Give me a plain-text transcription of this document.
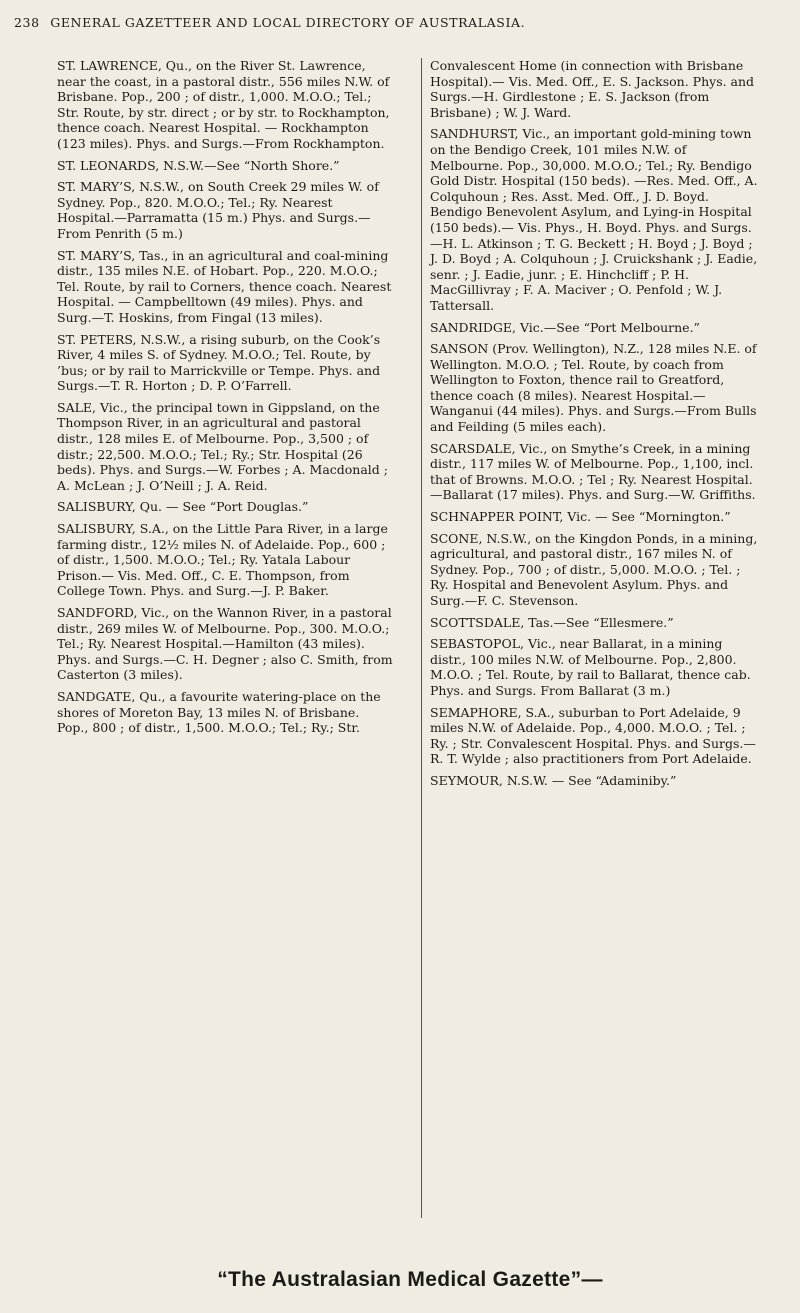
238 GENERAL GAZETTEER AND LOCAL DIRECTORY OF AUSTRALASIA.
ST. LAWRENCE, Qu., on the River St. Lawrence, near the coast, in a pastoral distr., 556 miles N.W. of Brisbane. Pop., 200 ; of distr., 1,000. M.O.O.; Tel.; Str. Route, by str. direct ; or by str. to Rockhampton, thence coach. Nearest Hospital. — Rockhampton (123 miles). Phys. and Surgs.—From Rockhampton.
ST. LEONARDS, N.S.W.—See “North Shore.”
ST. MARY’S, N.S.W., on South Creek 29 miles W. of Sydney. Pop., 820. M.O.O.; Tel.; Ry. Nearest Hospital.—Parramatta (15 m.) Phys. and Surgs.—From Penrith (5 m.)
ST. MARY’S, Tas., in an agricultural and coal-mining distr., 135 miles N.E. of Hobart. Pop., 220. M.O.O.; Tel. Route, by rail to Corners, thence coach. Nearest Hospital. — Campbelltown (49 miles). Phys. and Surg.—T. Hoskins, from Fingal (13 miles).
ST. PETERS, N.S.W., a rising suburb, on the Cook’s River, 4 miles S. of Sydney. M.O.O.; Tel. Route, by ’bus; or by rail to Marrickville or Tempe. Phys. and Surgs.—T. R. Horton ; D. P. O’Farrell.
SALE, Vic., the principal town in Gippsland, on the Thompson River, in an agricultural and pastoral distr., 128 miles E. of Melbourne. Pop., 3,500 ; of distr.; 22,500. M.O.O.; Tel.; Ry.; Str. Hospital (26 beds). Phys. and Surgs.—W. Forbes ; A. Macdonald ; A. McLean ; J. O’Neill ; J. A. Reid.
SALISBURY, Qu. — See “Port Douglas.”
SALISBURY, S.A., on the Little Para River, in a large farming distr., 12½ miles N. of Adelaide. Pop., 600 ; of distr., 1,500. M.O.O.; Tel.; Ry. Yatala Labour Prison.— Vis. Med. Off., C. E. Thompson, from College Town. Phys. and Surg.—J. P. Baker.
SANDFORD, Vic., on the Wannon River, in a pastoral distr., 269 miles W. of Melbourne. Pop., 300. M.O.O.; Tel.; Ry. Nearest Hospital.—Hamilton (43 miles). Phys. and Surgs.—C. H. Degner ; also C. Smith, from Casterton (3 miles).
SANDGATE, Qu., a favourite watering-place on the shores of Moreton Bay, 13 miles N. of Brisbane. Pop., 800 ; of distr., 1,500. M.O.O.; Tel.; Ry.; Str.
Convalescent Home (in connection with Brisbane Hospital).— Vis. Med. Off., E. S. Jackson. Phys. and Surgs.—H. Girdlestone ; E. S. Jackson (from Brisbane) ; W. J. Ward.
SANDHURST, Vic., an important gold-mining town on the Bendigo Creek, 101 miles N.W. of Melbourne. Pop., 30,000. M.O.O.; Tel.; Ry. Bendigo Gold Distr. Hospital (150 beds). —Res. Med. Off., A. Colquhoun ; Res. Asst. Med. Off., J. D. Boyd. Bendigo Benevolent Asylum, and Lying-in Hospital (150 beds).— Vis. Phys., H. Boyd. Phys. and Surgs.—H. L. Atkinson ; T. G. Beckett ; H. Boyd ; J. Boyd ; J. D. Boyd ; A. Colquhoun ; J. Cruickshank ; J. Eadie, senr. ; J. Eadie, junr. ; E. Hinchcliff ; P. H. MacGillivray ; F. A. Maciver ; O. Penfold ; W. J. Tattersall.
SANDRIDGE, Vic.—See “Port Melbourne.”
SANSON (Prov. Wellington), N.Z., 128 miles N.E. of Wellington. M.O.O. ; Tel. Route, by coach from Wellington to Foxton, thence rail to Greatford, thence coach (8 miles). Nearest Hospital.—Wanganui (44 miles). Phys. and Surgs.—From Bulls and Feilding (5 miles each).
SCARSDALE, Vic., on Smythe’s Creek, in a mining distr., 117 miles W. of Melbourne. Pop., 1,100, incl. that of Browns. M.O.O. ; Tel ; Ry. Nearest Hospital.—Ballarat (17 miles). Phys. and Surg.—W. Griffiths.
SCHNAPPER POINT, Vic. — See “Mornington.”
SCONE, N.S.W., on the Kingdon Ponds, in a mining, agricultural, and pastoral distr., 167 miles N. of Sydney. Pop., 700 ; of distr., 5,000. M.O.O. ; Tel. ; Ry. Hospital and Benevolent Asylum. Phys. and Surg.—F. C. Stevenson.
SCOTTSDALE, Tas.—See “Ellesmere.”
SEBASTOPOL, Vic., near Ballarat, in a mining distr., 100 miles N.W. of Melbourne. Pop., 2,800. M.O.O. ; Tel. Route, by rail to Ballarat, thence cab. Phys. and Surgs. From Ballarat (3 m.)
SEMAPHORE, S.A., suburban to Port Adelaide, 9 miles N.W. of Adelaide. Pop., 4,000. M.O.O. ; Tel. ; Ry. ; Str. Convalescent Hospital. Phys. and Surgs.— R. T. Wylde ; also practitioners from Port Adelaide.
SEYMOUR, N.S.W. — See “Adaminiby.”
“The Australasian Medical Gazette”—
